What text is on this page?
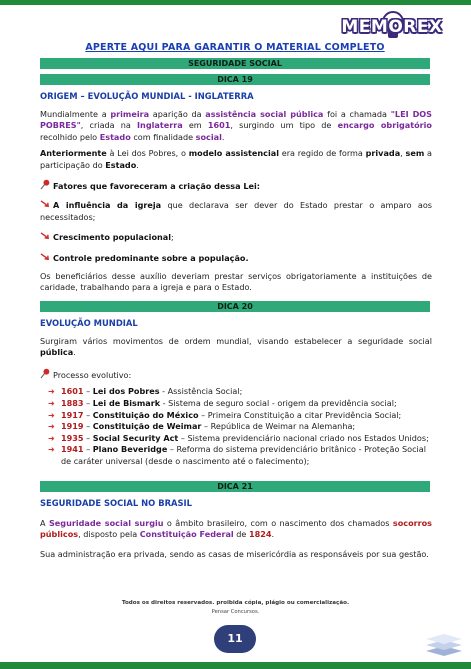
MEMOREX
APERTE AQUI PARA GARANTIR O MATERIAL COMPLETO
SEGURIDADE SOCIAL
DICA 19
ORIGEM – EVOLUÇÃO MUNDIAL - INGLATERRA

Mundialmente a primeira aparição da assistência social pública foi a chamada "LEI DOS POBRES", criada na Inglaterra em 1601, surgindo um tipo de encargo obrigatório recolhido pelo Estado com finalidade social.

Anteriormente à Lei dos Pobres, o modelo assistencial era regido de forma privada, sem a participação do Estado.

Fatores que favoreceram a criação dessa Lei:

A influência da igreja que declarava ser dever do Estado prestar o amparo aos necessitados;

Crescimento populacional;

Controle predominante sobre a população.

Os beneficiários desse auxílio deveriam prestar serviços obrigatoriamente a instituições de caridade, trabalhando para a igreja e para o Estado.

DICA 20
EVOLUÇÃO MUNDIAL

Surgiram vários movimentos de ordem mundial, visando estabelecer a seguridade social pública.

Processo evolutivo:
➜ 1601 – Lei dos Pobres - Assistência Social;
➜ 1883 – Lei de Bismark - Sistema de seguro social - origem da previdência social;
➜ 1917 – Constituição do México – Primeira Constituição a citar Previdência Social;
➜ 1919 – Constituição de Weimar – República de Weimar na Alemanha;
➜ 1935 – Social Security Act – Sistema previdenciário nacional criado nos Estados Unidos;
➜ 1941 – Plano Beveridge – Reforma do sistema previdenciário britânico - Proteção Social de caráter universal (desde o nascimento até o falecimento);
DICA 21
SEGURIDADE SOCIAL NO BRASIL

A Seguridade social surgiu o âmbito brasileiro, com o nascimento dos chamados socorros públicos, disposto pela Constituição Federal de 1824.

Sua administração era privada, sendo as casas de misericórdia as responsáveis por sua gestão.

Todos os direitos reservados. proibida cópia, plágio ou comercialização.
Pensar Concursos.
11
